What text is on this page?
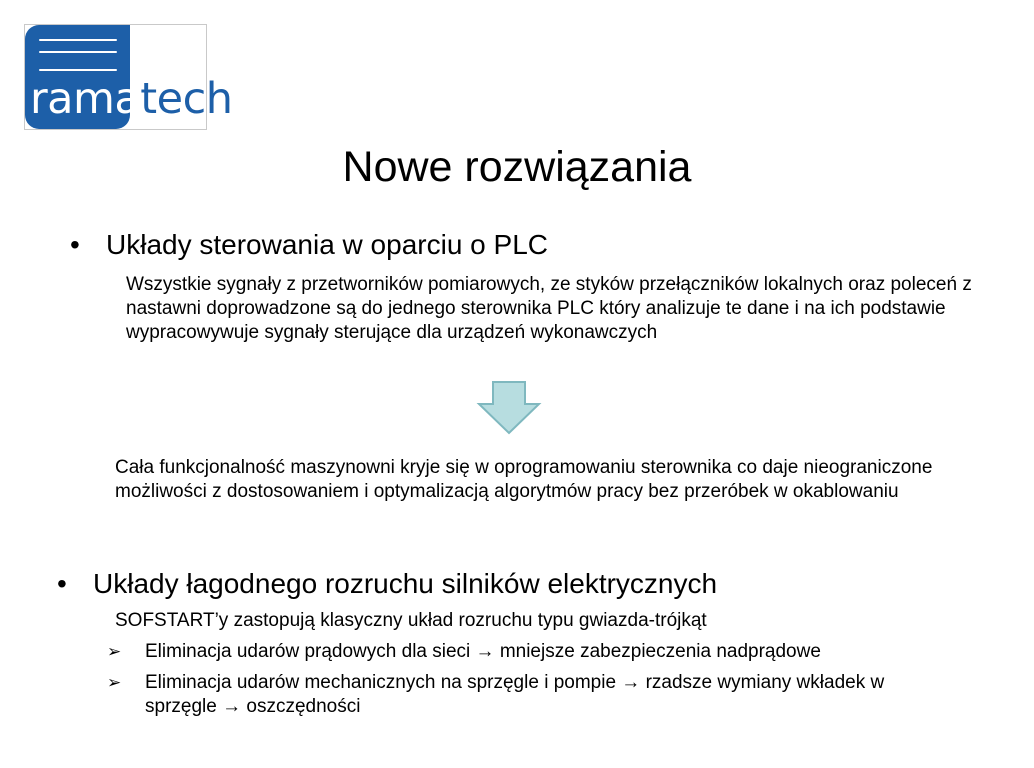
ramatech
Nowe rozwiązania
• Układy sterowania w oparciu o PLC
Wszystkie sygnały z przetworników pomiarowych, ze styków przełączników lokalnych oraz poleceń z nastawni doprowadzone są do jednego sterownika PLC który analizuje te dane i na ich podstawie wypracowywuje sygnały sterujące dla urządzeń wykonawczych
Cała funkcjonalność maszynowni kryje się w oprogramowaniu sterownika co daje nieograniczone możliwości z dostosowaniem i optymalizacją algorytmów pracy bez przeróbek w okablowaniu
• Układy łagodnego rozruchu silników elektrycznych
SOFSTART’y zastopują klasyczny układ rozruchu typu gwiazda-trójkąt
➢ Eliminacja udarów prądowych dla sieci → mniejsze zabezpieczenia nadprądowe
➢ Eliminacja udarów mechanicznych na sprzęgle i pompie → rzadsze wymiany wkładek w sprzęgle → oszczędności
